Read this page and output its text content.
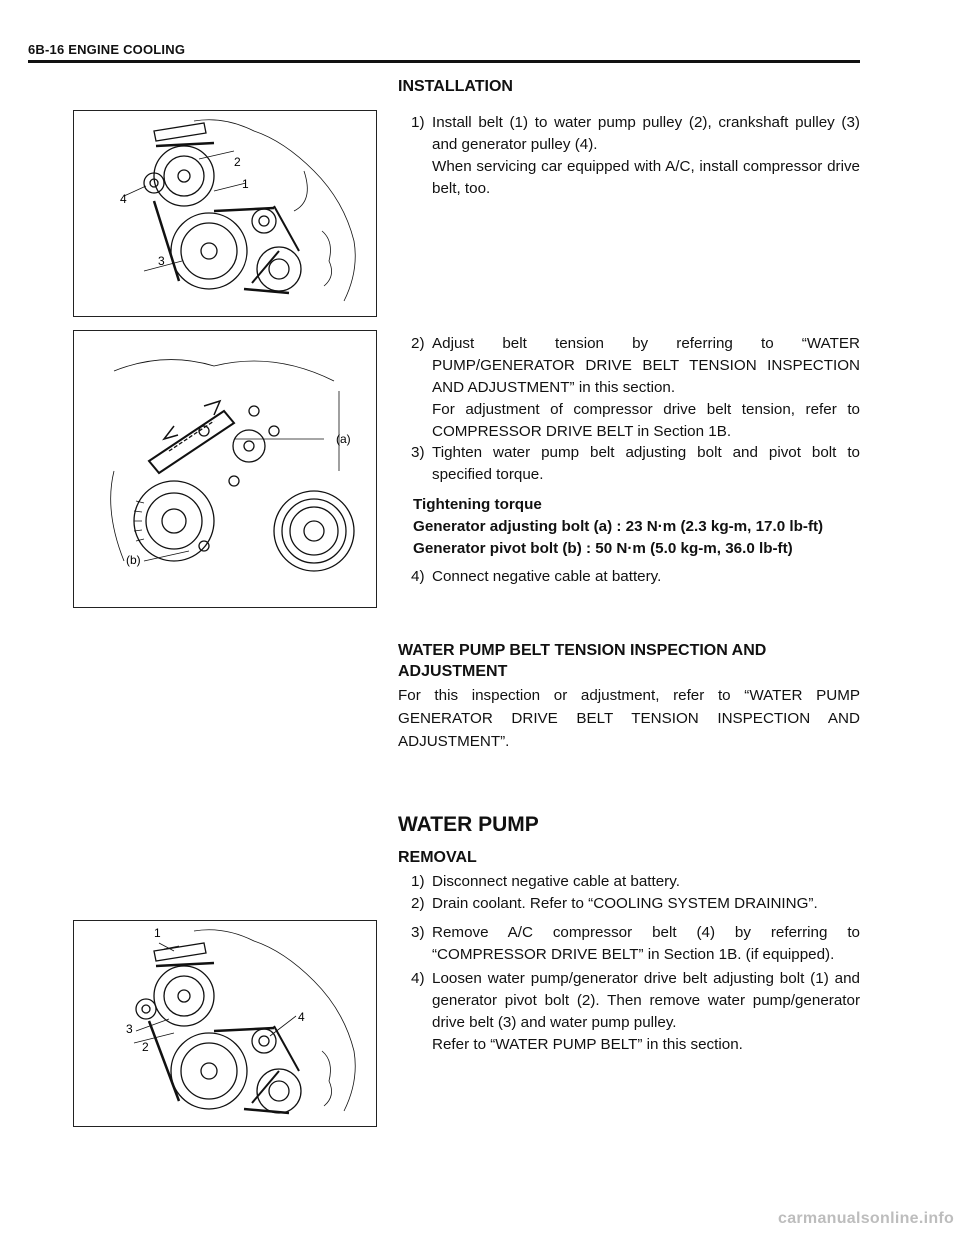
6B-16 ENGINE COOLING
2
1
4
3
(a)
(b)
1
3
4
2
INSTALLATION
1) Install belt (1) to water pump pulley (2), crankshaft pulley (3) and generator pulley (4).
When servicing car equipped with A/C, install compressor drive belt, too.
2) Adjust belt tension by referring to “WATER PUMP/GENERATOR DRIVE BELT TENSION INSPECTION AND ADJUSTMENT” in this section.
For adjustment of compressor drive belt tension, refer to COMPRESSOR DRIVE BELT in Section 1B.
3) Tighten water pump belt adjusting bolt and pivot bolt to specified torque.
Tightening torque
Generator adjusting bolt (a) : 23 N·m (2.3 kg-m, 17.0 lb-ft)
Generator pivot bolt (b) : 50 N·m (5.0 kg-m, 36.0 lb-ft)
4) Connect negative cable at battery.
WATER PUMP BELT TENSION INSPECTION AND ADJUSTMENT
For this inspection or adjustment, refer to “WATER PUMP GENERATOR DRIVE BELT TENSION INSPECTION AND ADJUSTMENT”.
WATER PUMP
REMOVAL
1) Disconnect negative cable at battery.
2) Drain coolant. Refer to “COOLING SYSTEM DRAINING”.
3) Remove A/C compressor belt (4) by referring to “COMPRESSOR DRIVE BELT” in Section 1B. (if equipped).
4) Loosen water pump/generator drive belt adjusting bolt (1) and generator pivot bolt (2). Then remove water pump/generator drive belt (3) and water pump pulley.
Refer to “WATER PUMP BELT” in this section.
carmanualsonline.info
